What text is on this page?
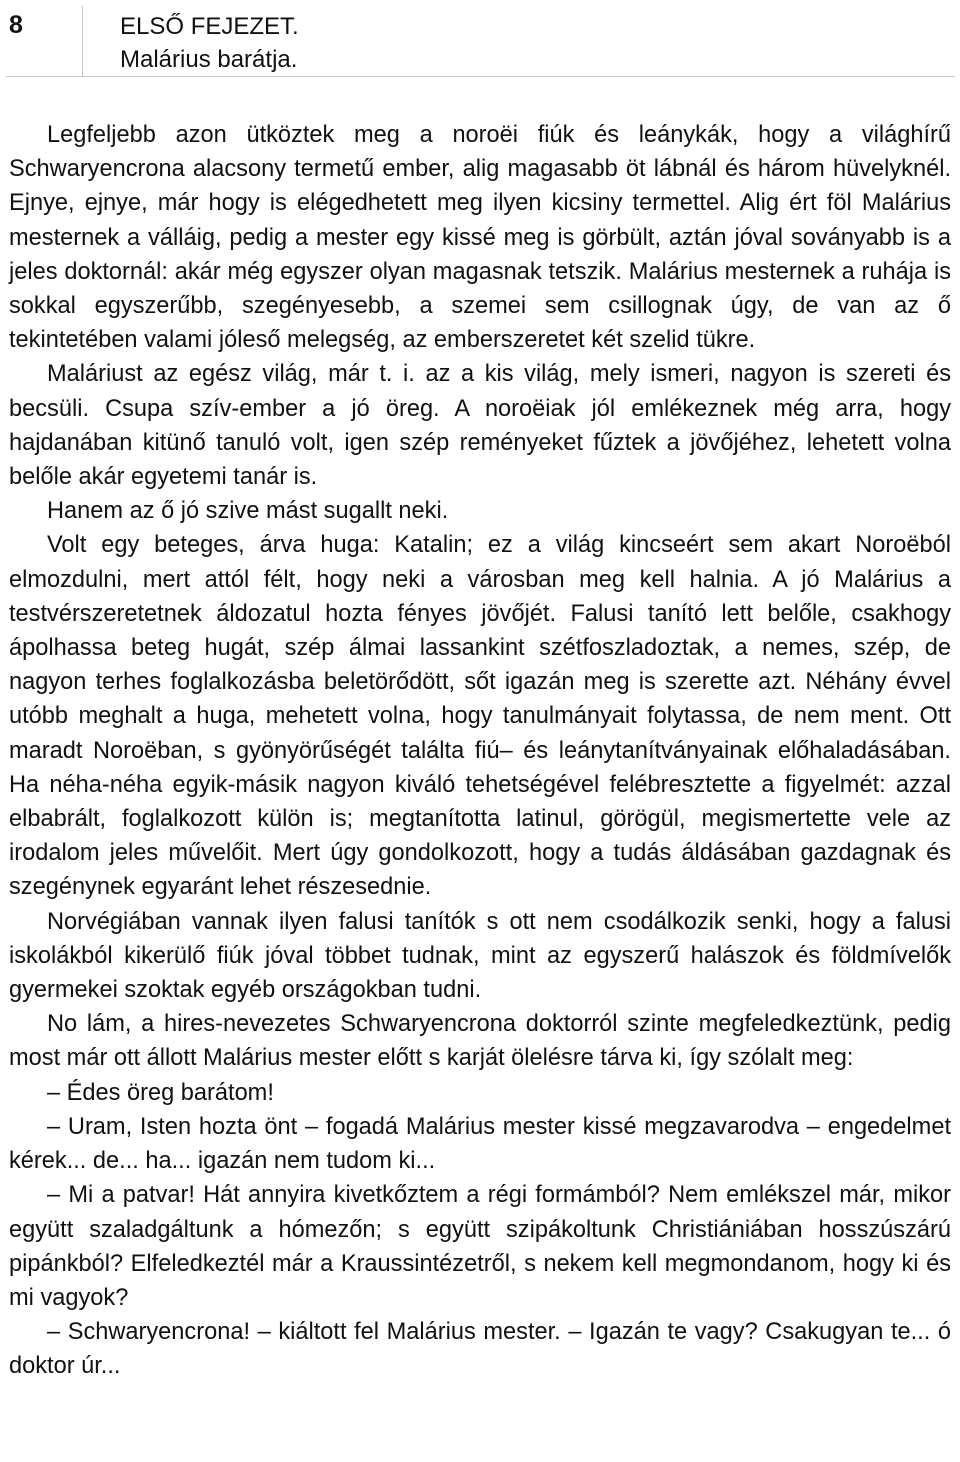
8	ELSŐ FEJEZET.
Malárius barátja.

Legfeljebb azon ütköztek meg a noroëi fiúk és leánykák, hogy a világhírű Schwaryencrona alacsony termetű ember, alig magasabb öt lábnál és három hüvelyknél. Ejnye, ejnye, már hogy is elégedhetett meg ilyen kicsiny termettel. Alig ért föl Malárius mesternek a válláig, pedig a mester egy kissé meg is görbült, aztán jóval soványabb is a jeles doktornál: akár még egyszer olyan magasnak tetszik. Malárius mesternek a ruhája is sokkal egyszerűbb, szegényesebb, a szemei sem csillognak úgy, de van az ő tekintetében valami jóleső melegség, az emberszeretet két szelid tükre.

Maláriust az egész világ, már t. i. az a kis világ, mely ismeri, nagyon is szereti és becsüli. Csupa szív-ember a jó öreg. A noroëiak jól emlékeznek még arra, hogy hajdanában kitünő tanuló volt, igen szép reményeket fűztek a jövőjéhez, lehetett volna belőle akár egyetemi tanár is.

Hanem az ő jó szive mást sugallt neki.

Volt egy beteges, árva huga: Katalin; ez a világ kincseért sem akart Noroëból elmozdulni, mert attól félt, hogy neki a városban meg kell halnia. A jó Malárius a testvérszeretetnek áldozatul hozta fényes jövőjét. Falusi tanító lett belőle, csakhogy ápolhassa beteg hugát, szép álmai lassankint szétfoszladoztak, a nemes, szép, de nagyon terhes foglalkozásba beletörődött, sőt igazán meg is szerette azt. Néhány évvel utóbb meghalt a huga, mehetett volna, hogy tanulmányait folytassa, de nem ment. Ott maradt Noroëban, s gyönyörűségét találta fiú– és leánytanítványainak előhaladásában. Ha néha-néha egyik-másik nagyon kiváló tehetségével felébresztette a figyelmét: azzal elbabrált, foglalkozott külön is; megtanította latinul, görögül, megismertette vele az irodalom jeles művelőit. Mert úgy gondolkozott, hogy a tudás áldásában gazdagnak és szegénynek egyaránt lehet részesednie.

Norvégiában vannak ilyen falusi tanítók s ott nem csodálkozik senki, hogy a falusi iskolákból kikerülő fiúk jóval többet tudnak, mint az egyszerű halászok és földmívelők gyermekei szoktak egyéb országokban tudni.

No lám, a hires-nevezetes Schwaryencrona doktorról szinte megfeledkeztünk, pedig most már ott állott Malárius mester előtt s karját ölelésre tárva ki, így szólalt meg:

– Édes öreg barátom!

– Uram, Isten hozta önt – fogadá Malárius mester kissé megzavarodva – engedelmet kérek... de... ha... igazán nem tudom ki...

– Mi a patvar! Hát annyira kivetkőztem a régi formámból? Nem emlékszel már, mikor együtt szaladgáltunk a hómezőn; s együtt szipákoltunk Christiániában hosszúszárú pipánkból? Elfeledkeztél már a Kraussintézetről, s nekem kell megmondanom, hogy ki és mi vagyok?

– Schwaryencrona! – kiáltott fel Malárius mester. – Igazán te vagy? Csakugyan te... ó doktor úr...
